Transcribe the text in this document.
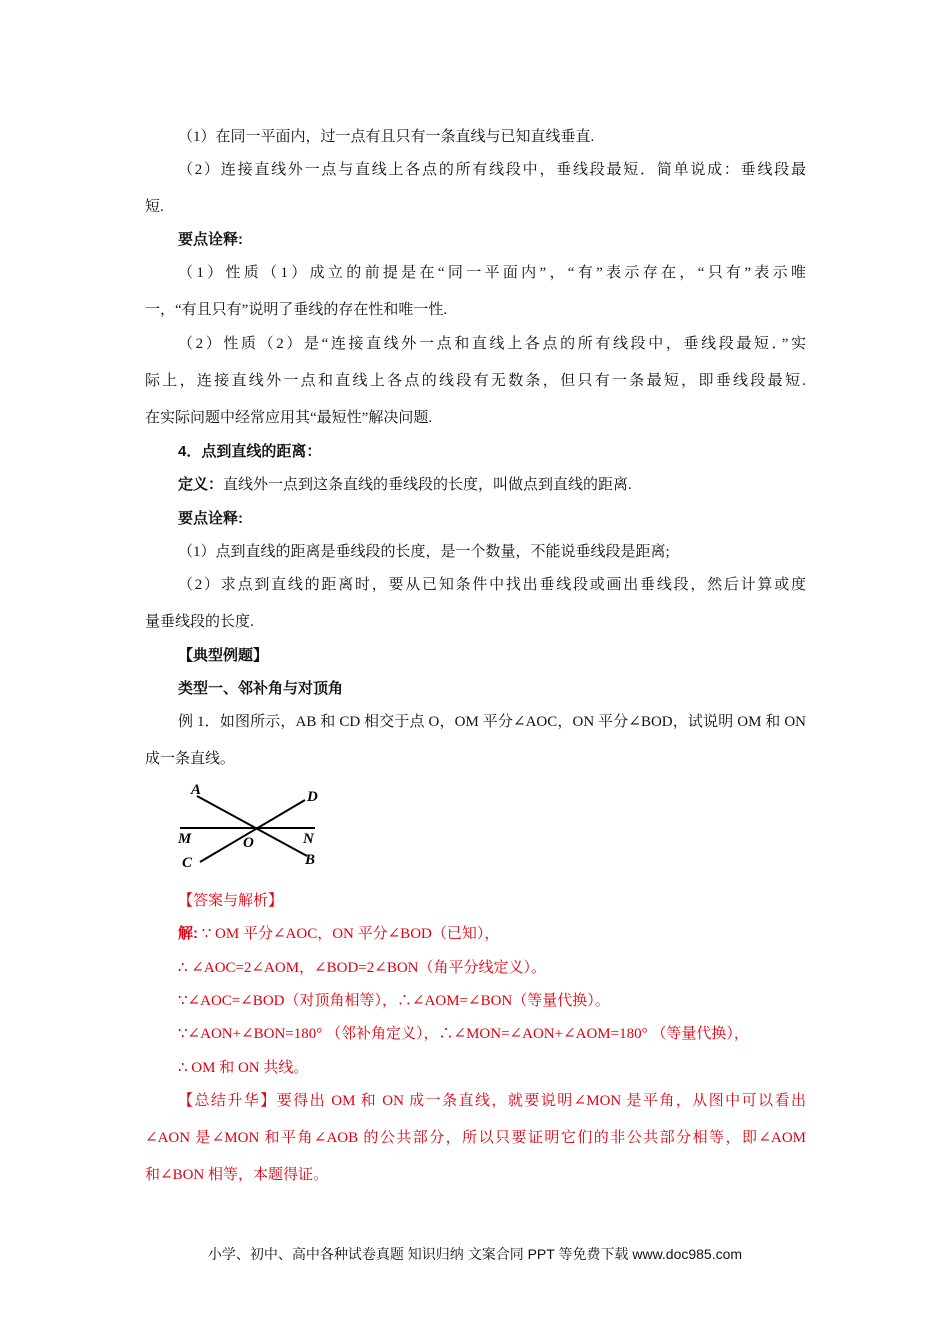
（1）在同一平面内，过一点有且只有一条直线与已知直线垂直.
（2）连接直线外一点与直线上各点的所有线段中，垂线段最短．简单说成：垂线段最
短.
要点诠释:
（1）性质（1）成立的前提是在“同一平面内”，“有”表示存在，“只有”表示唯
一，“有且只有”说明了垂线的存在性和唯一性.
（2）性质（2）是“连接直线外一点和直线上各点的所有线段中，垂线段最短．”实
际上，连接直线外一点和直线上各点的线段有无数条，但只有一条最短，即垂线段最短.
在实际问题中经常应用其“最短性”解决问题.
4．点到直线的距离：
定义：直线外一点到这条直线的垂线段的长度，叫做点到直线的距离.
要点诠释:
（1）点到直线的距离是垂线段的长度，是一个数量，不能说垂线段是距离;
（2）求点到直线的距离时，要从已知条件中找出垂线段或画出垂线段，然后计算或度
量垂线段的长度.
【典型例题】
类型一、邻补角与对顶角
例 1．如图所示，AB 和 CD 相交于点 O，OM 平分∠AOC，ON 平分∠BOD，试说明 OM 和 ON
成一条直线。
A	D
M	O	N
C	B
【答案与解析】
解: ∵ OM 平分∠AOC，ON 平分∠BOD（已知），
∴ ∠AOC=2∠AOM，∠BOD=2∠BON（角平分线定义）。
∵∠AOC=∠BOD（对顶角相等），∴∠AOM=∠BON（等量代换）。
∵∠AON+∠BON=180° （邻补角定义），∴∠MON=∠AON+∠AOM=180° （等量代换），
∴ OM 和 ON 共线。
【总结升华】要得出 OM 和 ON 成一条直线，就要说明∠MON 是平角，从图中可以看出
∠AON 是∠MON 和平角∠AOB 的公共部分，所以只要证明它们的非公共部分相等，即∠AOM
和∠BON 相等，本题得证。
小学、初中、高中各种试卷真题 知识归纳 文案合同 PPT 等免费下载 www.doc985.com
